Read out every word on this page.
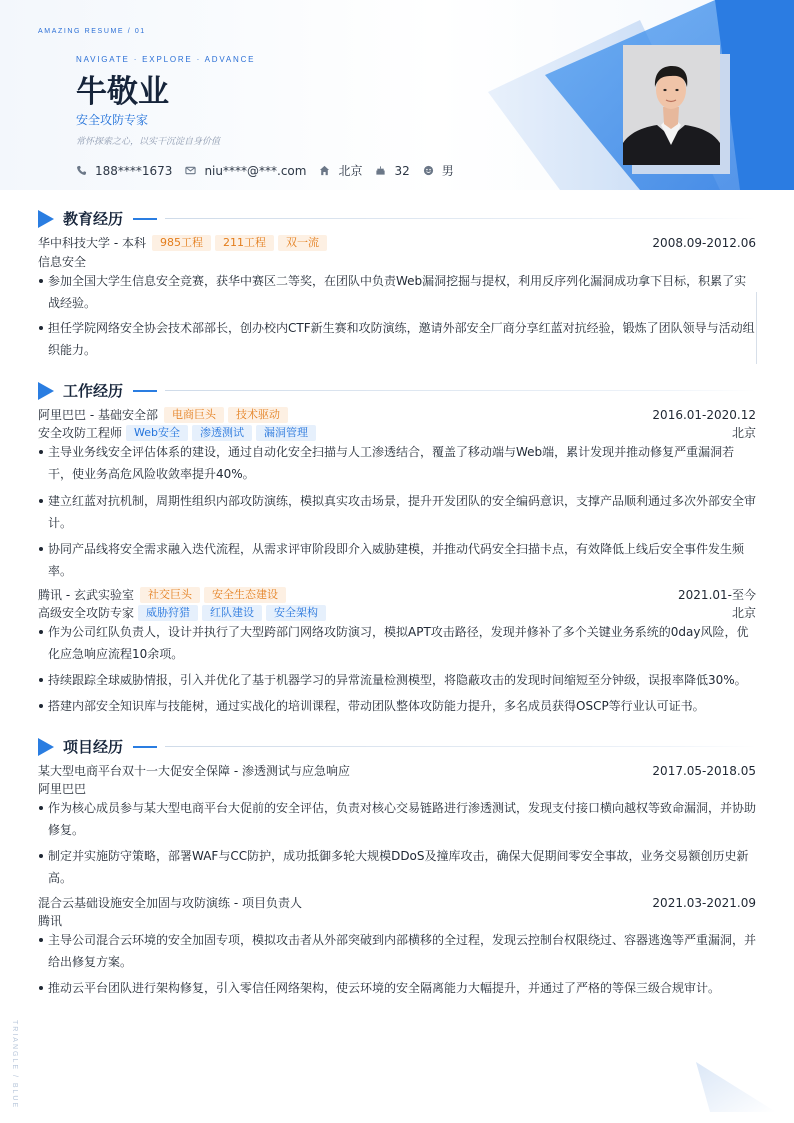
AMAZING RESUME / 01
NAVIGATE · EXPLORE · ADVANCE
牛敬业
安全攻防专家
常怀探索之心，以实干沉淀自身价值
188****1673	niu****@***.com	北京	32	男
教育经历
华中科技大学 - 本科	985工程	211工程	双一流	2008.09-2012.06
信息安全
参加全国大学生信息安全竞赛，获华中赛区二等奖，在团队中负责Web漏洞挖掘与提权，利用反序列化漏洞成功拿下目标，积累了实战经验。
担任学院网络安全协会技术部部长，创办校内CTF新生赛和攻防演练，邀请外部安全厂商分享红蓝对抗经验，锻炼了团队领导与活动组织能力。
工作经历
阿里巴巴 - 基础安全部	电商巨头	技术驱动	2016.01-2020.12
安全攻防工程师	Web安全	渗透测试	漏洞管理	北京
主导业务线安全评估体系的建设，通过自动化安全扫描与人工渗透结合，覆盖了移动端与Web端，累计发现并推动修复严重漏洞若干，使业务高危风险收敛率提升40%。
建立红蓝对抗机制，周期性组织内部攻防演练，模拟真实攻击场景，提升开发团队的安全编码意识，支撑产品顺利通过多次外部安全审计。
协同产品线将安全需求融入迭代流程，从需求评审阶段即介入威胁建模，并推动代码安全扫描卡点，有效降低上线后安全事件发生频率。
腾讯 - 玄武实验室	社交巨头	安全生态建设	2021.01-至今
高级安全攻防专家	威胁狩猎	红队建设	安全架构	北京
作为公司红队负责人，设计并执行了大型跨部门网络攻防演习，模拟APT攻击路径，发现并修补了多个关键业务系统的0day风险，优化应急响应流程10余项。
持续跟踪全球威胁情报，引入并优化了基于机器学习的异常流量检测模型，将隐蔽攻击的发现时间缩短至分钟级，误报率降低30%。
搭建内部安全知识库与技能树，通过实战化的培训课程，带动团队整体攻防能力提升，多名成员获得OSCP等行业认可证书。
项目经历
某大型电商平台双十一大促安全保障 - 渗透测试与应急响应	2017.05-2018.05
阿里巴巴
作为核心成员参与某大型电商平台大促前的安全评估，负责对核心交易链路进行渗透测试，发现支付接口横向越权等致命漏洞，并协助修复。
制定并实施防守策略，部署WAF与CC防护，成功抵御多轮大规模DDoS及撞库攻击，确保大促期间零安全事故，业务交易额创历史新高。
混合云基础设施安全加固与攻防演练 - 项目负责人	2021.03-2021.09
腾讯
主导公司混合云环境的安全加固专项，模拟攻击者从外部突破到内部横移的全过程，发现云控制台权限绕过、容器逃逸等严重漏洞，并给出修复方案。
推动云平台团队进行架构修复，引入零信任网络架构，使云环境的安全隔离能力大幅提升，并通过了严格的等保三级合规审计。
TRIANGLE / BLUE
